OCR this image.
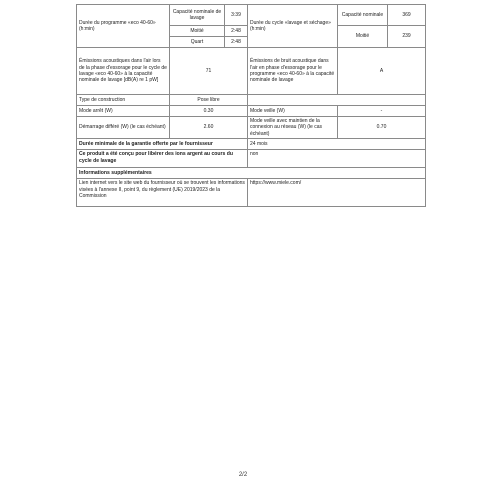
Durée du programme «eco 40-60» (h:min)	Capacité nominale de lavage	3:39	Durée du cycle «lavage et séchage» (h:min)	Capacité nominale	369
	Moitié	2:48		Moitié	239
	Quart	2:48			
Émissions acoustiques dans l'air lors de la phase d'essorage pour le cycle de lavage «eco 40-60» à la capacité nominale de lavage [dB(A) re 1 pW]	71		Émissions de bruit acoustique dans l'air en phase d'essorage pour le programme «eco 40-60» à la capacité nominale de lavage	A	
Type de construction	Pose libre				
Mode arrêt (W)	0.30		Mode veille (W)	-	
Démarrage différé (W) (le cas échéant)	2.60		Mode veille avec maintien de la connexion au réseau (W) (le cas échéant)	0.70	
Durée minimale de la garantie offerte par le fournisseur			24 mois		
Ce produit a été conçu pour libérer des ions argent au cours du cycle de lavage			non		
Informations supplémentaires					
Lien internet vers le site web du fournisseur où se trouvent les informations visées à l'annexe II, point 9, du règlement (UE) 2019/2023 de la Commission			https://www.miele.com/		
2/2
